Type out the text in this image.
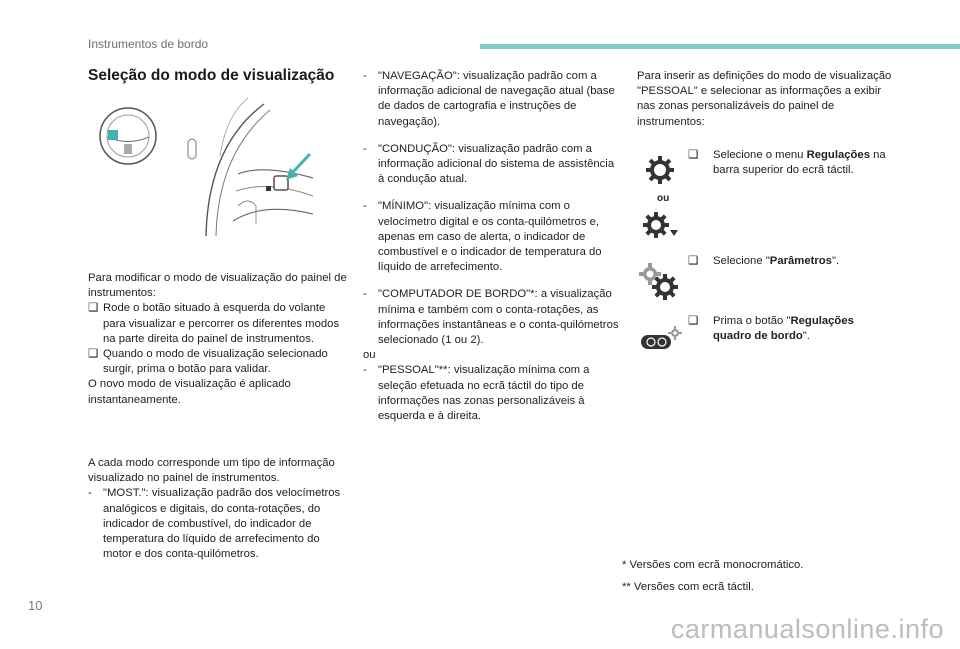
Instrumentos de bordo
Seleção do modo de visualização

Para modificar o modo de visualização do painel de instrumentos:

❑ Rode o botão situado à esquerda do volante para visualizar e percorrer os diferentes modos na parte direita do painel de instrumentos.
❑ Quando o modo de visualização selecionado surgir, prima o botão para validar.

O novo modo de visualização é aplicado instantaneamente.

A cada modo corresponde um tipo de informação visualizado no painel de instrumentos.

- "MOST.": visualização padrão dos velocímetros analógicos e digitais, do conta-rotações, do indicador de combustível, do indicador de temperatura do líquido de arrefecimento do motor e dos conta-quilómetros.
- "NAVEGAÇÃO": visualização padrão com a informação adicional de navegação atual (base de dados de cartografia e instruções de navegação).
- "CONDUÇÃO": visualização padrão com a informação adicional do sistema de assistência à condução atual.
- "MÍNIMO": visualização mínima com o velocímetro digital e os conta-quilómetros e, apenas em caso de alerta, o indicador de combustível e o indicador de temperatura do líquido de arrefecimento.
- "COMPUTADOR DE BORDO"*: a visualização mínima e também com o conta-rotações, as informações instantâneas e o conta-quilómetros selecionado (1 ou 2).

ou

- "PESSOAL"**: visualização mínima com a seleção efetuada no ecrã táctil do tipo de informações nas zonas personalizáveis à esquerda e à direita.
Para inserir as definições do modo de visualização "PESSOAL" e selecionar as informações a exibir nas zonas personalizáveis do painel de instrumentos:
ou
❑	Selecione o menu Regulações na barra superior do ecrã táctil.
❑	Selecione "Parâmetros".
❑	Prima o botão "Regulações quadro de bordo".
* Versões com ecrã monocromático.
** Versões com ecrã táctil.
10
carmanualsonline.info
